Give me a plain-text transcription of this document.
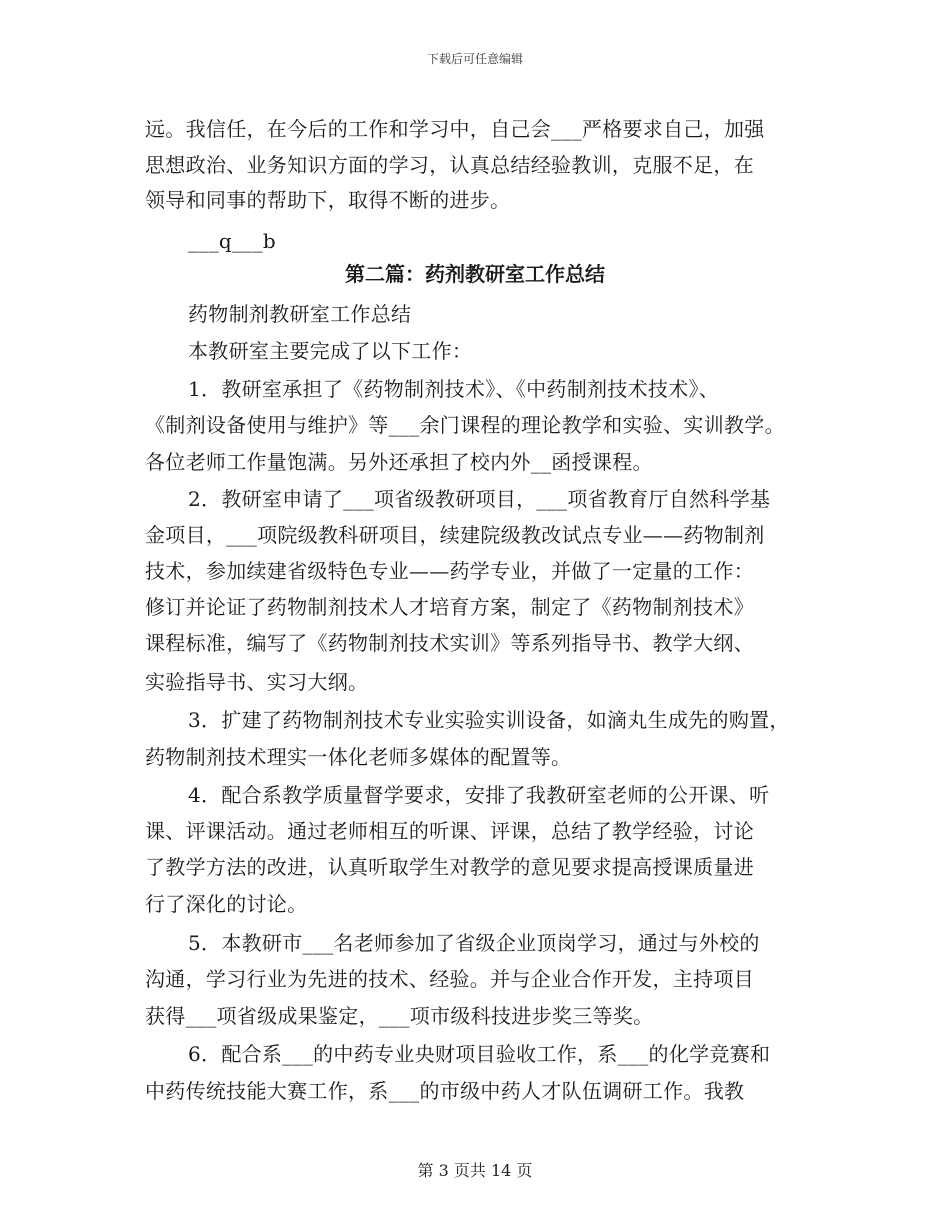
下载后可任意编辑
远。我信任，在今后的工作和学习中，自己会___严格要求自己，加强
思想政治、业务知识方面的学习，认真总结经验教训，克服不足，在
领导和同事的帮助下，取得不断的进步。
___q___b
第二篇：药剂教研室工作总结
药物制剂教研室工作总结
本教研室主要完成了以下工作：
1．教研室承担了《药物制剂技术》、《中药制剂技术技术》、
《制剂设备使用与维护》等___余门课程的理论教学和实验、实训教学。
各位老师工作量饱满。另外还承担了校内外__函授课程。
2．教研室申请了___项省级教研项目，___项省教育厅自然科学基
金项目，___项院级教科研项目，续建院级教改试点专业——药物制剂
技术，参加续建省级特色专业——药学专业，并做了一定量的工作：
修订并论证了药物制剂技术人才培育方案，制定了《药物制剂技术》
课程标准，编写了《药物制剂技术实训》等系列指导书、教学大纲、
实验指导书、实习大纲。
3．扩建了药物制剂技术专业实验实训设备，如滴丸生成先的购置，
药物制剂技术理实一体化老师多媒体的配置等。
4．配合系教学质量督学要求，安排了我教研室老师的公开课、听
课、评课活动。通过老师相互的听课、评课，总结了教学经验，讨论
了教学方法的改进，认真听取学生对教学的意见要求提高授课质量进
行了深化的讨论。
5．本教研市___名老师参加了省级企业顶岗学习，通过与外校的
沟通，学习行业为先进的技术、经验。并与企业合作开发，主持项目
获得___项省级成果鉴定，___项市级科技进步奖三等奖。
6．配合系___的中药专业央财项目验收工作，系___的化学竞赛和
中药传统技能大赛工作，系___的市级中药人才队伍调研工作。我教
第 3 页共 14 页
